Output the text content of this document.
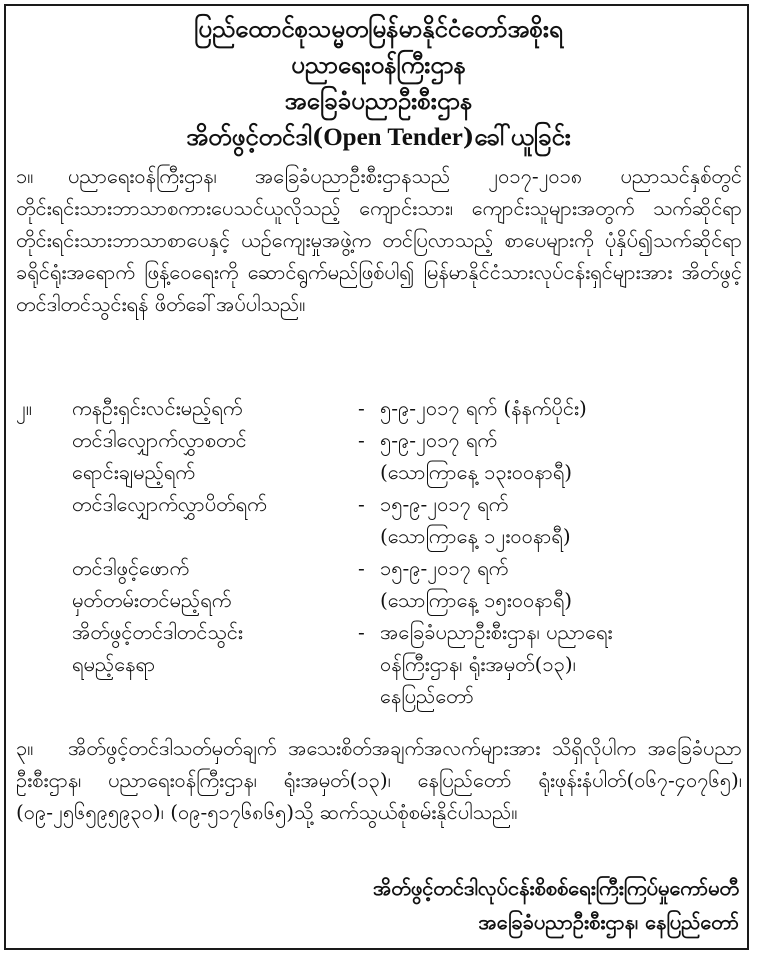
ပြည်ထောင်စုသမ္မတမြန်မာနိုင်ငံတော်အစိုးရ
ပညာရေးဝန်ကြီးဌာန
အခြေခံပညာဦးစီးဌာန
အိတ်ဖွင့်တင်ဒါ(Open Tender)ခေါ်ယူခြင်း
၁။ ပညာရေးဝန်ကြီးဌာန၊ အခြေခံပညာဦးစီးဌာနသည် ၂၀၁၇-၂၀၁၈ ပညာသင်နှစ်တွင် တိုင်းရင်းသားဘာသာစကားပေသင်ယူလိုသည့် ကျောင်းသား၊ ကျောင်းသူများအတွက် သက်ဆိုင်ရာတိုင်းရင်းသားဘာသာစာပေနှင့် ယဉ်ကျေးမှုအဖွဲ့က တင်ပြလာသည့် စာပေများကို ပုံနှိပ်၍သက်ဆိုင်ရာခရိုင်ရုံးအရောက် ဖြန့်ဝေရေးကို ဆောင်ရွက်မည်ဖြစ်ပါ၍ မြန်မာနိုင်ငံသားလုပ်ငန်းရှင်များအား အိတ်ဖွင့်တင်ဒါတင်သွင်းရန် ဖိတ်ခေါ်အပ်ပါသည်။
၂။ ကနဦးရှင်းလင်းမည့်ရက်	- ၅-၉-၂၀၁၇ ရက် (နံနက်ပိုင်း)
တင်ဒါလျှောက်လွှာစတင်
ရောင်းချမည့်ရက်
- ၅-၉-၂၀၁၇ ရက်
(သောကြာနေ့ ၁၃း၀၀နာရီ)
တင်ဒါလျှောက်လွှာပိတ်ရက်	- ၁၅-၉-၂၀၁၇ ရက်
(သောကြာနေ့ ၁၂း၀၀နာရီ)
တင်ဒါဖွင့်ဖောက်
မှတ်တမ်းတင်မည့်ရက်
- ၁၅-၉-၂၀၁၇ ရက်
(သောကြာနေ့ ၁၅း၀၀နာရီ)
အိတ်ဖွင့်တင်ဒါတင်သွင်း
ရမည့်နေရာ
- အခြေခံပညာဦးစီးဌာန၊ ပညာရေး
ဝန်ကြီးဌာန၊ ရုံးအမှတ်(၁၃)၊
နေပြည်တော်
၃။ အိတ်ဖွင့်တင်ဒါသတ်မှတ်ချက် အသေးစိတ်အချက်အလက်များအား သိရှိလိုပါက အခြေခံပညာဦးစီးဌာန၊ ပညာရေးဝန်ကြီးဌာန၊ ရုံးအမှတ်(၁၃)၊ နေပြည်တော် ရုံးဖုန်းနံပါတ်(၀၆၇-၄၀၇၆၅)၊ (၀၉-၂၅၆၅၉၅၉၃၀)၊ (၀၉-၅၁၇၆၈၆၅)သို့ ဆက်သွယ်စုံစမ်းနိုင်ပါသည်။
အိတ်ဖွင့်တင်ဒါလုပ်ငန်းစိစစ်ရေးကြီးကြပ်မှုကော်မတီ
အခြေခံပညာဦးစီးဌာန၊ နေပြည်တော်
